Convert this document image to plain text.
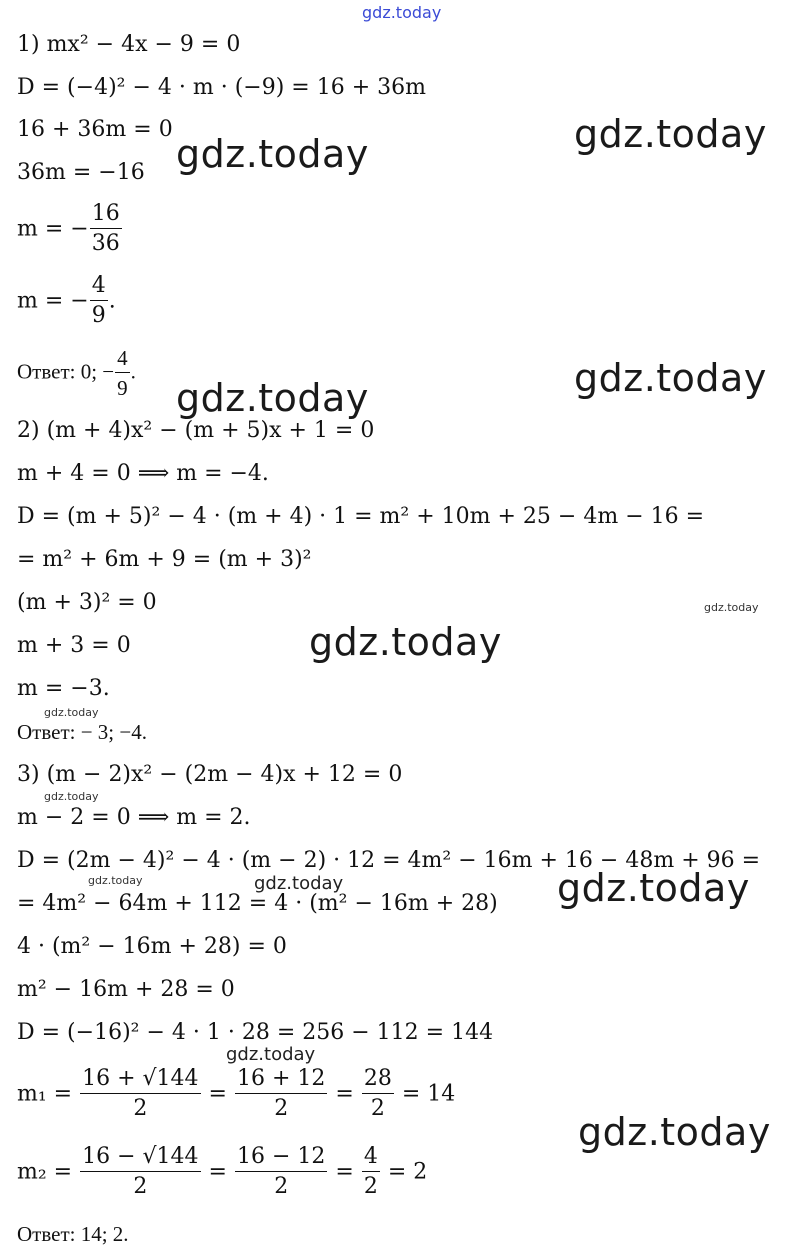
gdz.today
gdz.today
gdz.today
gdz.today
gdz.today
gdz.today
gdz.today
gdz.today
gdz.today
gdz.today	gdz.today	gdz.today
gdz.today
gdz.today
1) mx² − 4x − 9 = 0
D = (−4)² − 4 · m · (−9) = 16 + 36m
16 + 36m = 0
36m = −16
m = − $\frac{16}{36}$
m = − $\frac{4}{9}$ .
Ответ: 0; − $\frac{4}{9}$ .
2) (m + 4)x² − (m + 5)x + 1 = 0
m + 4 = 0 ⟹ m = −4.
D = (m + 5)² − 4 · (m + 4) · 1 = m² + 10m + 25 − 4m − 16 =
= m² + 6m + 9 = (m + 3)²
(m + 3)² = 0
m + 3 = 0
m = −3.
Ответ: − 3; −4.
3) (m − 2)x² − (2m − 4)x + 12 = 0
m − 2 = 0 ⟹ m = 2.
D = (2m − 4)² − 4 · (m − 2) · 12 = 4m² − 16m + 16 − 48m + 96 =
= 4m² − 64m + 112 = 4 · (m² − 16m + 28)
4 · (m² − 16m + 28) = 0
m² − 16m + 28 = 0
D = (−16)² − 4 · 1 · 28 = 256 − 112 = 144
$m_1 = \frac{16 + √144}{2} = \frac{16 + 12}{2} = \frac{28}{2} = 14$
$m_2 = \frac{16 - √144}{2} = \frac{16 - 12}{2} = \frac{4}{2} = 2$
Ответ: 14; 2.
